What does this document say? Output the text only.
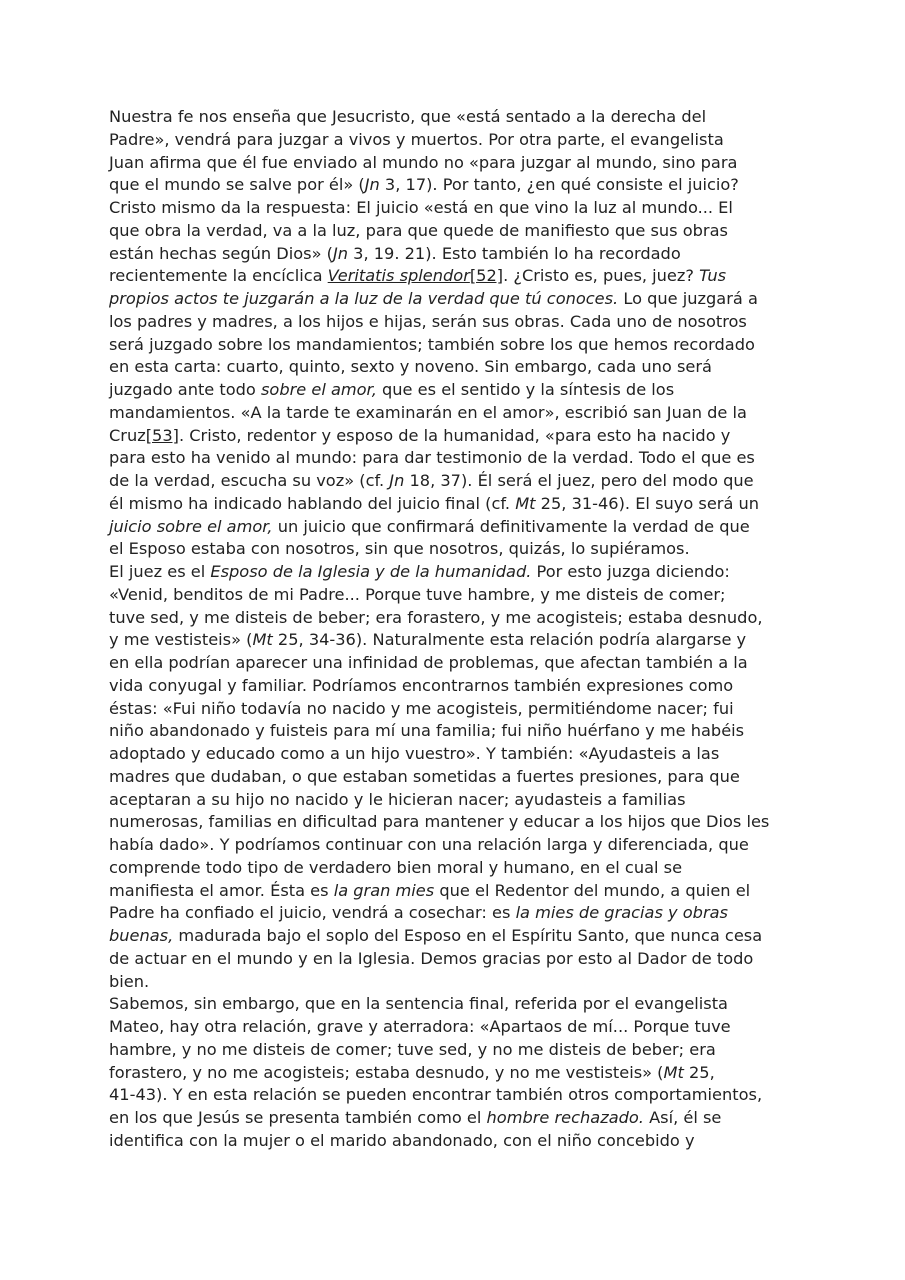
Nuestra fe nos enseña que Jesucristo, que «está sentado a la derecha del
Padre», vendrá para juzgar a vivos y muertos. Por otra parte, el evangelista
Juan afirma que él fue enviado al mundo no «para juzgar al mundo, sino para
que el mundo se salve por él» (Jn 3, 17). Por tanto, ¿en qué consiste el juicio?
Cristo mismo da la respuesta: El juicio «está en que vino la luz al mundo... El
que obra la verdad, va a la luz, para que quede de manifiesto que sus obras
están hechas según Dios» (Jn 3, 19. 21). Esto también lo ha recordado
recientemente la encíclica Veritatis splendor[52]. ¿Cristo es, pues, juez? Tus
propios actos te juzgarán a la luz de la verdad que tú conoces. Lo que juzgará a
los padres y madres, a los hijos e hijas, serán sus obras. Cada uno de nosotros
será juzgado sobre los mandamientos; también sobre los que hemos recordado
en esta carta: cuarto, quinto, sexto y noveno. Sin embargo, cada uno será
juzgado ante todo sobre el amor, que es el sentido y la síntesis de los
mandamientos. «A la tarde te examinarán en el amor», escribió san Juan de la
Cruz[53]. Cristo, redentor y esposo de la humanidad, «para esto ha nacido y
para esto ha venido al mundo: para dar testimonio de la verdad. Todo el que es
de la verdad, escucha su voz» (cf. Jn 18, 37). Él será el juez, pero del modo que
él mismo ha indicado hablando del juicio final (cf. Mt 25, 31-46). El suyo será un
juicio sobre el amor, un juicio que confirmará definitivamente la verdad de que
el Esposo estaba con nosotros, sin que nosotros, quizás, lo supiéramos.
El juez es el Esposo de la Iglesia y de la humanidad. Por esto juzga diciendo:
«Venid, benditos de mi Padre... Porque tuve hambre, y me disteis de comer;
tuve sed, y me disteis de beber; era forastero, y me acogisteis; estaba desnudo,
y me vestisteis» (Mt 25, 34-36). Naturalmente esta relación podría alargarse y
en ella podrían aparecer una infinidad de problemas, que afectan también a la
vida conyugal y familiar. Podríamos encontrarnos también expresiones como
éstas: «Fui niño todavía no nacido y me acogisteis, permitiéndome nacer; fui
niño abandonado y fuisteis para mí una familia; fui niño huérfano y me habéis
adoptado y educado como a un hijo vuestro». Y también: «Ayudasteis a las
madres que dudaban, o que estaban sometidas a fuertes presiones, para que
aceptaran a su hijo no nacido y le hicieran nacer; ayudasteis a familias
numerosas, familias en dificultad para mantener y educar a los hijos que Dios les
había dado». Y podríamos continuar con una relación larga y diferenciada, que
comprende todo tipo de verdadero bien moral y humano, en el cual se
manifiesta el amor. Ésta es la gran mies que el Redentor del mundo, a quien el
Padre ha confiado el juicio, vendrá a cosechar: es la mies de gracias y obras
buenas, madurada bajo el soplo del Esposo en el Espíritu Santo, que nunca cesa
de actuar en el mundo y en la Iglesia. Demos gracias por esto al Dador de todo
bien.
Sabemos, sin embargo, que en la sentencia final, referida por el evangelista
Mateo, hay otra relación, grave y aterradora: «Apartaos de mí... Porque tuve
hambre, y no me disteis de comer; tuve sed, y no me disteis de beber; era
forastero, y no me acogisteis; estaba desnudo, y no me vestisteis» (Mt 25,
41-43). Y en esta relación se pueden encontrar también otros comportamientos,
en los que Jesús se presenta también como el hombre rechazado. Así, él se
identifica con la mujer o el marido abandonado, con el niño concebido y
